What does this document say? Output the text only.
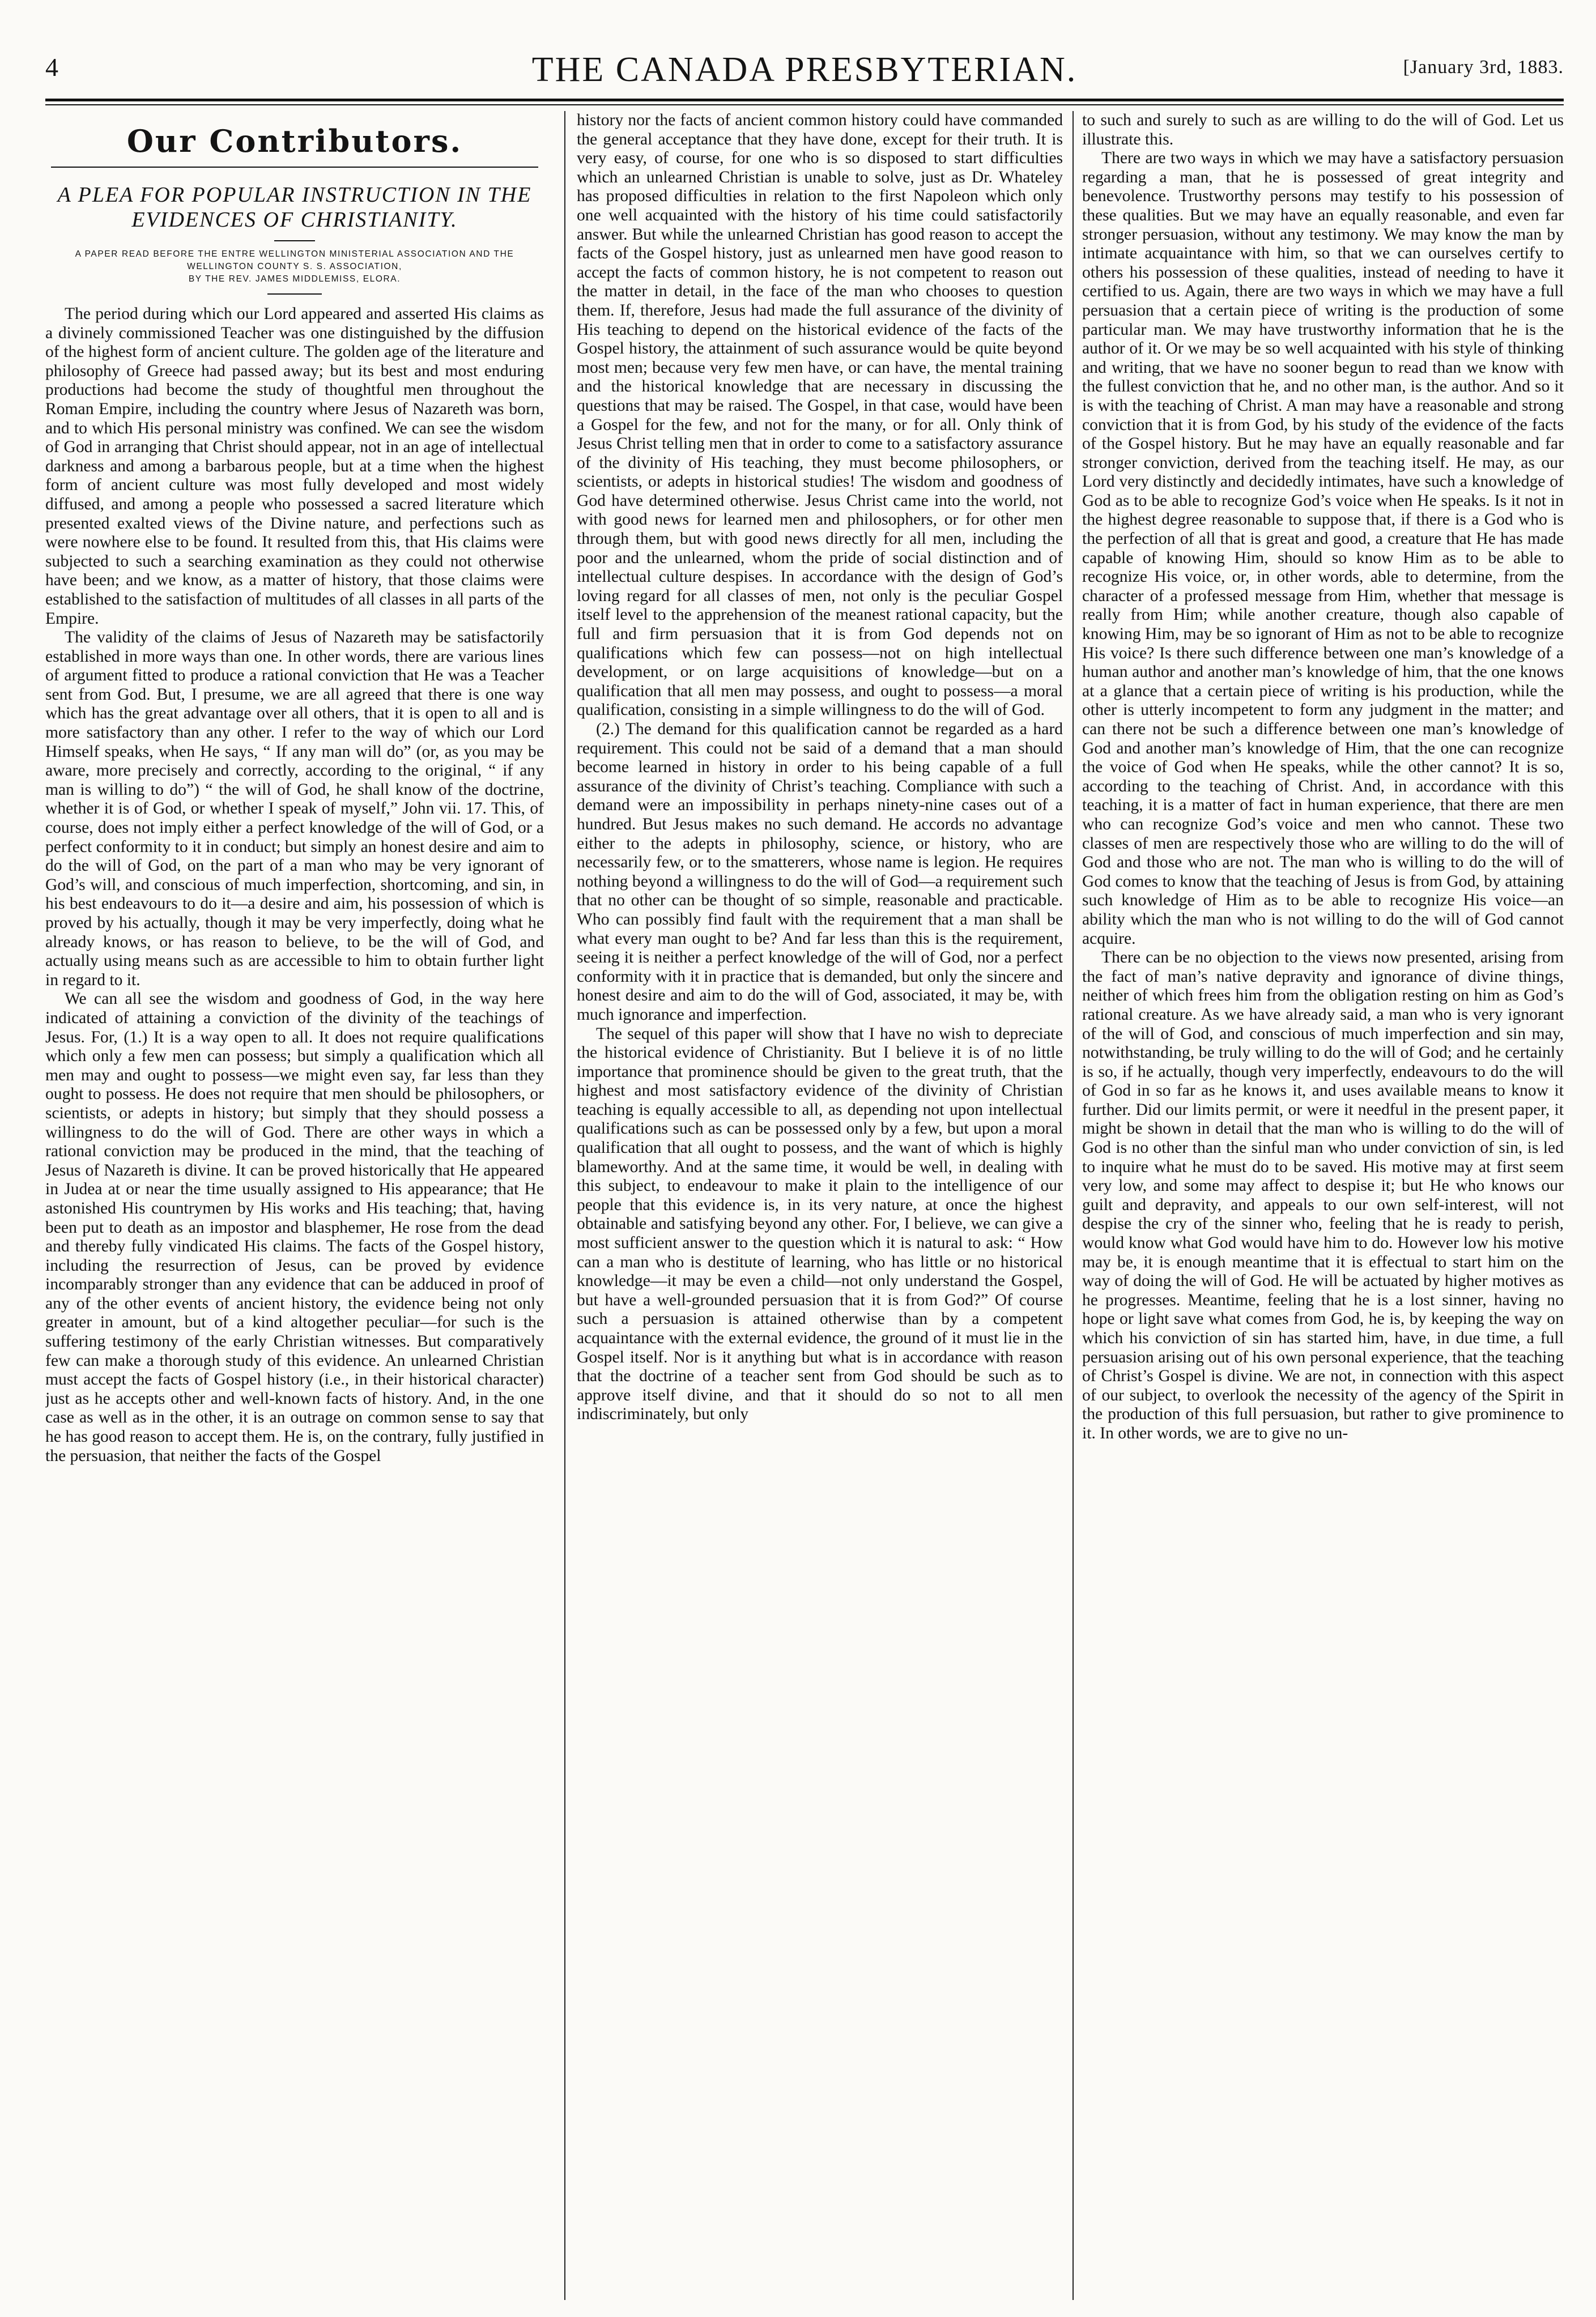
4	THE CANADA PRESBYTERIAN.	[January 3rd, 1883.
Our Contributors.
A PLEA FOR POPULAR INSTRUCTION IN THE EVIDENCES OF CHRISTIANITY.
A PAPER READ BEFORE THE ENTRE WELLINGTON MINISTERIAL ASSOCIATION AND THE WELLINGTON COUNTY S. S. ASSOCIATION,
BY THE REV. JAMES MIDDLEMISS, ELORA.

The period during which our Lord appeared and asserted His claims as a divinely commissioned Teacher was one distinguished by the diffusion of the highest form of ancient culture. The golden age of the literature and philosophy of Greece had passed away; but its best and most enduring productions had become the study of thoughtful men throughout the Roman Empire, including the country where Jesus of Nazareth was born, and to which His personal ministry was confined. We can see the wisdom of God in arranging that Christ should appear, not in an age of intellectual darkness and among a barbarous people, but at a time when the highest form of ancient culture was most fully developed and most widely diffused, and among a people who possessed a sacred literature which presented exalted views of the Divine nature, and perfections such as were nowhere else to be found. It resulted from this, that His claims were subjected to such a searching examination as they could not otherwise have been; and we know, as a matter of history, that those claims were established to the satisfaction of multitudes of all classes in all parts of the Empire.

The validity of the claims of Jesus of Nazareth may be satisfactorily established in more ways than one. In other words, there are various lines of argument fitted to produce a rational conviction that He was a Teacher sent from God. But, I presume, we are all agreed that there is one way which has the great advantage over all others, that it is open to all and is more satisfactory than any other. I refer to the way of which our Lord Himself speaks, when He says, “ If any man will do” (or, as you may be aware, more precisely and correctly, according to the original, “ if any man is willing to do”) “ the will of God, he shall know of the doctrine, whether it is of God, or whether I speak of myself,” John vii. 17. This, of course, does not imply either a perfect knowledge of the will of God, or a perfect conformity to it in conduct; but simply an honest desire and aim to do the will of God, on the part of a man who may be very ignorant of God’s will, and conscious of much imperfection, shortcoming, and sin, in his best endeavours to do it—a desire and aim, his possession of which is proved by his actually, though it may be very imperfectly, doing what he already knows, or has reason to believe, to be the will of God, and actually using means such as are accessible to him to obtain further light in regard to it.

We can all see the wisdom and goodness of God, in the way here indicated of attaining a conviction of the divinity of the teachings of Jesus. For, (1.) It is a way open to all. It does not require qualifications which only a few men can possess; but simply a qualification which all men may and ought to possess—we might even say, far less than they ought to possess. He does not require that men should be philosophers, or scientists, or adepts in history; but simply that they should possess a willingness to do the will of God. There are other ways in which a rational conviction may be produced in the mind, that the teaching of Jesus of Nazareth is divine. It can be proved historically that He appeared in Judea at or near the time usually assigned to His appearance; that He astonished His countrymen by His works and His teaching; that, having been put to death as an impostor and blasphemer, He rose from the dead and thereby fully vindicated His claims. The facts of the Gospel history, including the resurrection of Jesus, can be proved by evidence incomparably stronger than any evidence that can be adduced in proof of any of the other events of ancient history, the evidence being not only greater in amount, but of a kind altogether peculiar—for such is the suffering testimony of the early Christian witnesses. But comparatively few can make a thorough study of this evidence. An unlearned Christian must accept the facts of Gospel history (i.e., in their historical character) just as he accepts other and well-known facts of history. And, in the one case as well as in the other, it is an outrage on common sense to say that he has good reason to accept them. He is, on the contrary, fully justified in the persuasion, that neither the facts of the Gospel

history nor the facts of ancient common history could have commanded the general acceptance that they have done, except for their truth. It is very easy, of course, for one who is so disposed to start difficulties which an unlearned Christian is unable to solve, just as Dr. Whateley has proposed difficulties in relation to the first Napoleon which only one well acquainted with the history of his time could satisfactorily answer. But while the unlearned Christian has good reason to accept the facts of the Gospel history, just as unlearned men have good reason to accept the facts of common history, he is not competent to reason out the matter in detail, in the face of the man who chooses to question them. If, therefore, Jesus had made the full assurance of the divinity of His teaching to depend on the historical evidence of the facts of the Gospel history, the attainment of such assurance would be quite beyond most men; because very few men have, or can have, the mental training and the historical knowledge that are necessary in discussing the questions that may be raised. The Gospel, in that case, would have been a Gospel for the few, and not for the many, or for all. Only think of Jesus Christ telling men that in order to come to a satisfactory assurance of the divinity of His teaching, they must become philosophers, or scientists, or adepts in historical studies! The wisdom and goodness of God have determined otherwise. Jesus Christ came into the world, not with good news for learned men and philosophers, or for other men through them, but with good news directly for all men, including the poor and the unlearned, whom the pride of social distinction and of intellectual culture despises. In accordance with the design of God’s loving regard for all classes of men, not only is the peculiar Gospel itself level to the apprehension of the meanest rational capacity, but the full and firm persuasion that it is from God depends not on qualifications which few can possess—not on high intellectual development, or on large acquisitions of knowledge—but on a qualification that all men may possess, and ought to possess—a moral qualification, consisting in a simple willingness to do the will of God.

(2.) The demand for this qualification cannot be regarded as a hard requirement. This could not be said of a demand that a man should become learned in history in order to his being capable of a full assurance of the divinity of Christ’s teaching. Compliance with such a demand were an impossibility in perhaps ninety-nine cases out of a hundred. But Jesus makes no such demand. He accords no advantage either to the adepts in philosophy, science, or history, who are necessarily few, or to the smatterers, whose name is legion. He requires nothing beyond a willingness to do the will of God—a requirement such that no other can be thought of so simple, reasonable and practicable. Who can possibly find fault with the requirement that a man shall be what every man ought to be? And far less than this is the requirement, seeing it is neither a perfect knowledge of the will of God, nor a perfect conformity with it in practice that is demanded, but only the sincere and honest desire and aim to do the will of God, associated, it may be, with much ignorance and imperfection.

The sequel of this paper will show that I have no wish to depreciate the historical evidence of Christianity. But I believe it is of no little importance that prominence should be given to the great truth, that the highest and most satisfactory evidence of the divinity of Christian teaching is equally accessible to all, as depending not upon intellectual qualifications such as can be possessed only by a few, but upon a moral qualification that all ought to possess, and the want of which is highly blameworthy. And at the same time, it would be well, in dealing with this subject, to endeavour to make it plain to the intelligence of our people that this evidence is, in its very nature, at once the highest obtainable and satisfying beyond any other. For, I believe, we can give a most sufficient answer to the question which it is natural to ask: “ How can a man who is destitute of learning, who has little or no historical knowledge—it may be even a child—not only understand the Gospel, but have a well-grounded persuasion that it is from God?” Of course such a persuasion is attained otherwise than by a competent acquaintance with the external evidence, the ground of it must lie in the Gospel itself. Nor is it anything but what is in accordance with reason that the doctrine of a teacher sent from God should be such as to approve itself divine, and that it should do so not to all men indiscriminately, but only

to such and surely to such as are willing to do the will of God. Let us illustrate this.

There are two ways in which we may have a satisfactory persuasion regarding a man, that he is possessed of great integrity and benevolence. Trustworthy persons may testify to his possession of these qualities. But we may have an equally reasonable, and even far stronger persuasion, without any testimony. We may know the man by intimate acquaintance with him, so that we can ourselves certify to others his possession of these qualities, instead of needing to have it certified to us. Again, there are two ways in which we may have a full persuasion that a certain piece of writing is the production of some particular man. We may have trustworthy information that he is the author of it. Or we may be so well acquainted with his style of thinking and writing, that we have no sooner begun to read than we know with the fullest conviction that he, and no other man, is the author. And so it is with the teaching of Christ. A man may have a reasonable and strong conviction that it is from God, by his study of the evidence of the facts of the Gospel history. But he may have an equally reasonable and far stronger conviction, derived from the teaching itself. He may, as our Lord very distinctly and decidedly intimates, have such a knowledge of God as to be able to recognize God’s voice when He speaks. Is it not in the highest degree reasonable to suppose that, if there is a God who is the perfection of all that is great and good, a creature that He has made capable of knowing Him, should so know Him as to be able to recognize His voice, or, in other words, able to determine, from the character of a professed message from Him, whether that message is really from Him; while another creature, though also capable of knowing Him, may be so ignorant of Him as not to be able to recognize His voice? Is there such difference between one man’s knowledge of a human author and another man’s knowledge of him, that the one knows at a glance that a certain piece of writing is his production, while the other is utterly incompetent to form any judgment in the matter; and can there not be such a difference between one man’s knowledge of God and another man’s knowledge of Him, that the one can recognize the voice of God when He speaks, while the other cannot? It is so, according to the teaching of Christ. And, in accordance with this teaching, it is a matter of fact in human experience, that there are men who can recognize God’s voice and men who cannot. These two classes of men are respectively those who are willing to do the will of God and those who are not. The man who is willing to do the will of God comes to know that the teaching of Jesus is from God, by attaining such knowledge of Him as to be able to recognize His voice—an ability which the man who is not willing to do the will of God cannot acquire.

There can be no objection to the views now presented, arising from the fact of man’s native depravity and ignorance of divine things, neither of which frees him from the obligation resting on him as God’s rational creature. As we have already said, a man who is very ignorant of the will of God, and conscious of much imperfection and sin may, notwithstanding, be truly willing to do the will of God; and he certainly is so, if he actually, though very imperfectly, endeavours to do the will of God in so far as he knows it, and uses available means to know it further. Did our limits permit, or were it needful in the present paper, it might be shown in detail that the man who is willing to do the will of God is no other than the sinful man who under conviction of sin, is led to inquire what he must do to be saved. His motive may at first seem very low, and some may affect to despise it; but He who knows our guilt and depravity, and appeals to our own self-interest, will not despise the cry of the sinner who, feeling that he is ready to perish, would know what God would have him to do. However low his motive may be, it is enough meantime that it is effectual to start him on the way of doing the will of God. He will be actuated by higher motives as he progresses. Meantime, feeling that he is a lost sinner, having no hope or light save what comes from God, he is, by keeping the way on which his conviction of sin has started him, have, in due time, a full persuasion arising out of his own personal experience, that the teaching of Christ’s Gospel is divine. We are not, in connection with this aspect of our subject, to overlook the necessity of the agency of the Spirit in the production of this full persuasion, but rather to give prominence to it. In other words, we are to give no un-
